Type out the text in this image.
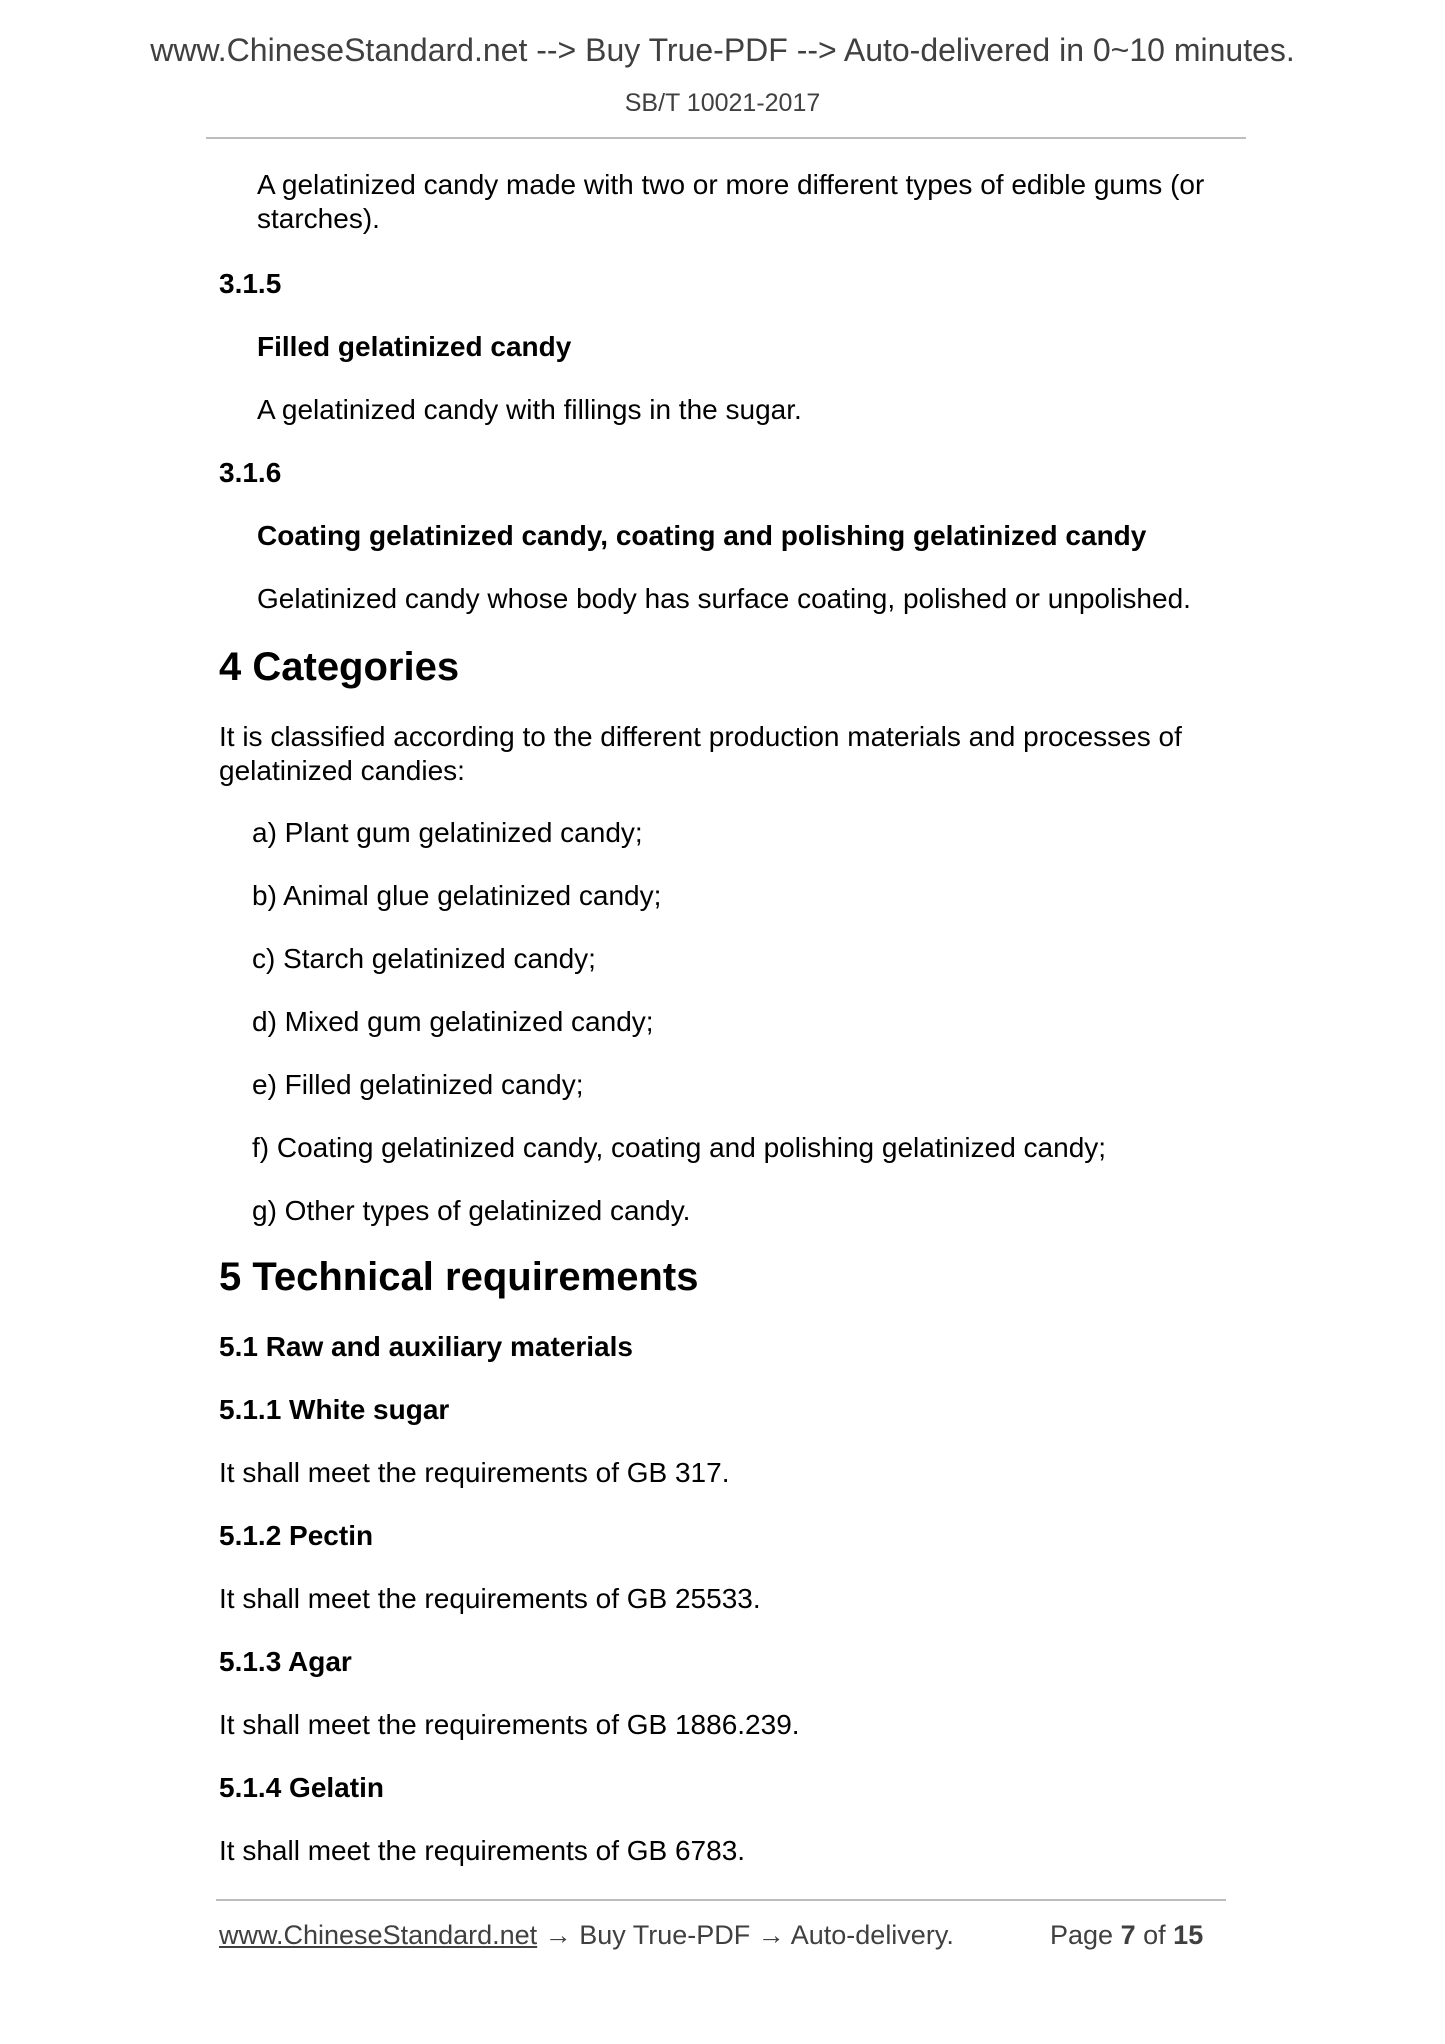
www.ChineseStandard.net --> Buy True-PDF --> Auto-delivered in 0~10 minutes.
SB/T 10021-2017
A gelatinized candy made with two or more different types of edible gums (or starches).
3.1.5
Filled gelatinized candy
A gelatinized candy with fillings in the sugar.
3.1.6
Coating gelatinized candy, coating and polishing gelatinized candy
Gelatinized candy whose body has surface coating, polished or unpolished.
4 Categories
It is classified according to the different production materials and processes of gelatinized candies:
a) Plant gum gelatinized candy;
b) Animal glue gelatinized candy;
c) Starch gelatinized candy;
d) Mixed gum gelatinized candy;
e) Filled gelatinized candy;
f) Coating gelatinized candy, coating and polishing gelatinized candy;
g) Other types of gelatinized candy.
5 Technical requirements
5.1 Raw and auxiliary materials
5.1.1 White sugar
It shall meet the requirements of GB 317.
5.1.2 Pectin
It shall meet the requirements of GB 25533.
5.1.3 Agar
It shall meet the requirements of GB 1886.239.
5.1.4 Gelatin
It shall meet the requirements of GB 6783.
www.ChineseStandard.net → Buy True-PDF → Auto-delivery.	Page 7 of 15
